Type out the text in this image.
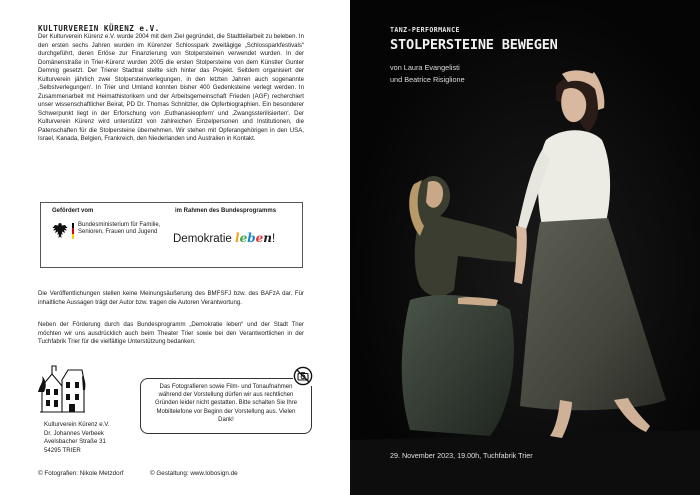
KULTURVEREIN KÜRENZ e.V.

Der Kulturverein Kürenz e.V. wurde 2004 mit dem Ziel gegründet, die Stadtteilarbeit zu beleben. In den ersten sechs Jahren wurden im Kürenzer Schlosspark zweitägige „Schlossparkfestivals“ durchgeführt, deren Erlöse zur Finanzierung von Stolpersteinen verwendet wurden. In der Domänenstraße in Trier-Kürenz wurden 2005 die ersten Stolpersteine von dem Künstler Gunter Demnig gesetzt. Der Trierer Stadtrat stellte sich hinter das Projekt. Seitdem organisiert der Kulturverein jährlich zwei Stolpersteinverlegungen, in den letzten Jahren auch sogenannte ‚Selbstverlegungen‘. In Trier und Umland konnten bisher 400 Gedenksteine verlegt werden. In Zusammenarbeit mit Heimathistorikern und der Arbeitsgemeinschaft Frieden (AGF) recherchiert unser wissenschaftlicher Beirat, PD Dr. Thomas Schnitzler, die Opferbiographien. Ein besonderer Schwerpunkt liegt in der Erforschung von ‚Euthanasieopfern‘ und ‚Zwangssterilisierten‘. Der Kulturverein Kürenz wird unterstützt von zahlreichen Einzelpersonen und Institutionen, die Patenschaften für die Stolpersteine übernehmen. Wir stehen mit Opferangehörigen in den USA, Israel, Kanada, Belgien, Frankreich, den Niederlanden und Australien in Kontakt.

Gefördert vom	im Rahmen des Bundesprogramms
Bundesministerium für Familie, Senioren, Frauen und Jugend
Demokratie leben!

Die Veröffentlichungen stellen keine Meinungsäußerung des BMFSFJ bzw. des BAFzA dar. Für inhaltliche Aussagen trägt der Autor bzw. tragen die Autoren Verantwortung.

Neben der Förderung durch das Bundesprogramm „Demokratie leben“ und der Stadt Trier möchten wir uns ausdrücklich auch beim Theater Trier sowie bei den Verantwortlichen in der Tuchfabrik Trier für die vielfältige Unterstützung bedanken.

Kulturverein Kürenz e.V.
Dr. Johannes Verbeek
Avelsbacher Straße 31
54295 TRIER
Das Fotografieren sowie Film- und Tonaufnahmen während der Vorstellung dürfen wir aus rechtlichen Gründen leider nicht gestatten. Bitte schalten Sie Ihre Mobiltelefone vor Beginn der Vorstellung aus. Vielen Dank!
© Fotografien: Nikole Metzdorf	© Gestaltung: www.lobosign.de
TANZ-PERFORMANCE
STOLPERSTEINE BEWEGEN
von Laura Evangelisti
und Beatrice Risiglione
29. November 2023, 19.00h, Tuchfabrik Trier
